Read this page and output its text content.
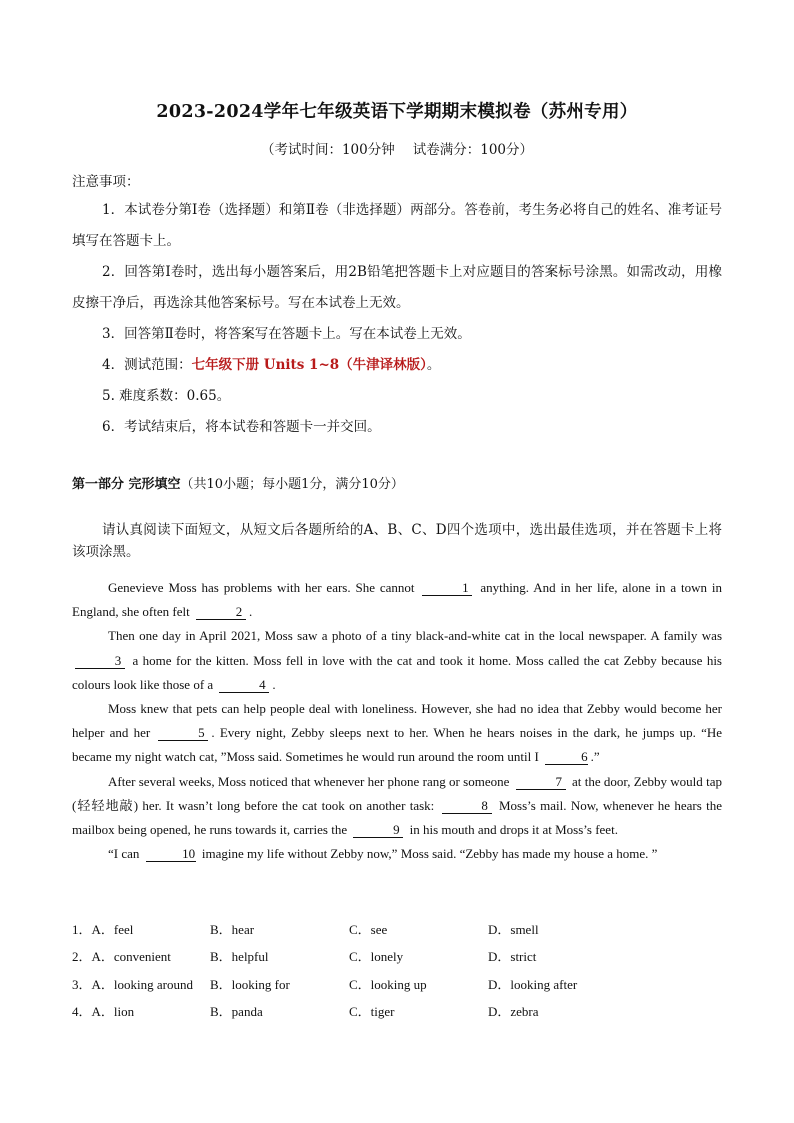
2023-2024学年七年级英语下学期期末模拟卷（苏州专用）
（考试时间：100分钟 试卷满分：100分）
注意事项：
1．本试卷分第Ⅰ卷（选择题）和第Ⅱ卷（非选择题）两部分。答卷前，考生务必将自己的姓名、准考证号填写在答题卡上。
2．回答第Ⅰ卷时，选出每小题答案后，用2B铅笔把答题卡上对应题目的答案标号涂黑。如需改动，用橡皮擦干净后，再选涂其他答案标号。写在本试卷上无效。
3．回答第Ⅱ卷时，将答案写在答题卡上。写在本试卷上无效。
4．测试范围：七年级下册 Units 1~8（牛津译林版）。
5. 难度系数：0.65。
6．考试结束后，将本试卷和答题卡一并交回。
第一部分 完形填空（共10小题；每小题1分，满分10分）
请认真阅读下面短文，从短文后各题所给的A、B、C、D四个选项中，选出最佳选项，并在答题卡上将该项涂黑。

Genevieve Moss has problems with her ears. She cannot	1 anything. And in her life, alone in a town in England, she often felt	2 .

Then one day in April 2021, Moss saw a photo of a tiny black-and-white cat in the local newspaper. A family was 3 a home for the kitten. Moss fell in love with the cat and took it home. Moss called the cat Zebby because his colours look like those of a	4 .

Moss knew that pets can help people deal with loneliness. However, she had no idea that Zebby would become her helper and her	5 . Every night, Zebby sleeps next to her. When he hears noises in the dark, he jumps up. “He became my night watch cat, ”Moss said. Sometimes he would run around the room until I	6 .”

After several weeks, Moss noticed that whenever her phone rang or someone	7 at the door, Zebby would tap (轻轻地敲) her. It wasn’t long before the cat took on another task:	8 Moss’s mail. Now, whenever he hears the mailbox being opened, he runs towards it, carries the	9 in his mouth and drops it at Moss’s feet.

“I can	10 imagine my life without Zebby now,” Moss said. “Zebby has made my house a home. ”

1．A．feel	B．hear	C．see	D．smell
2．A．convenient	B．helpful	C．lonely	D．strict
3．A．looking around B．looking for	C．looking up	D．looking after
4．A．lion	B．panda	C．tiger	D．zebra
